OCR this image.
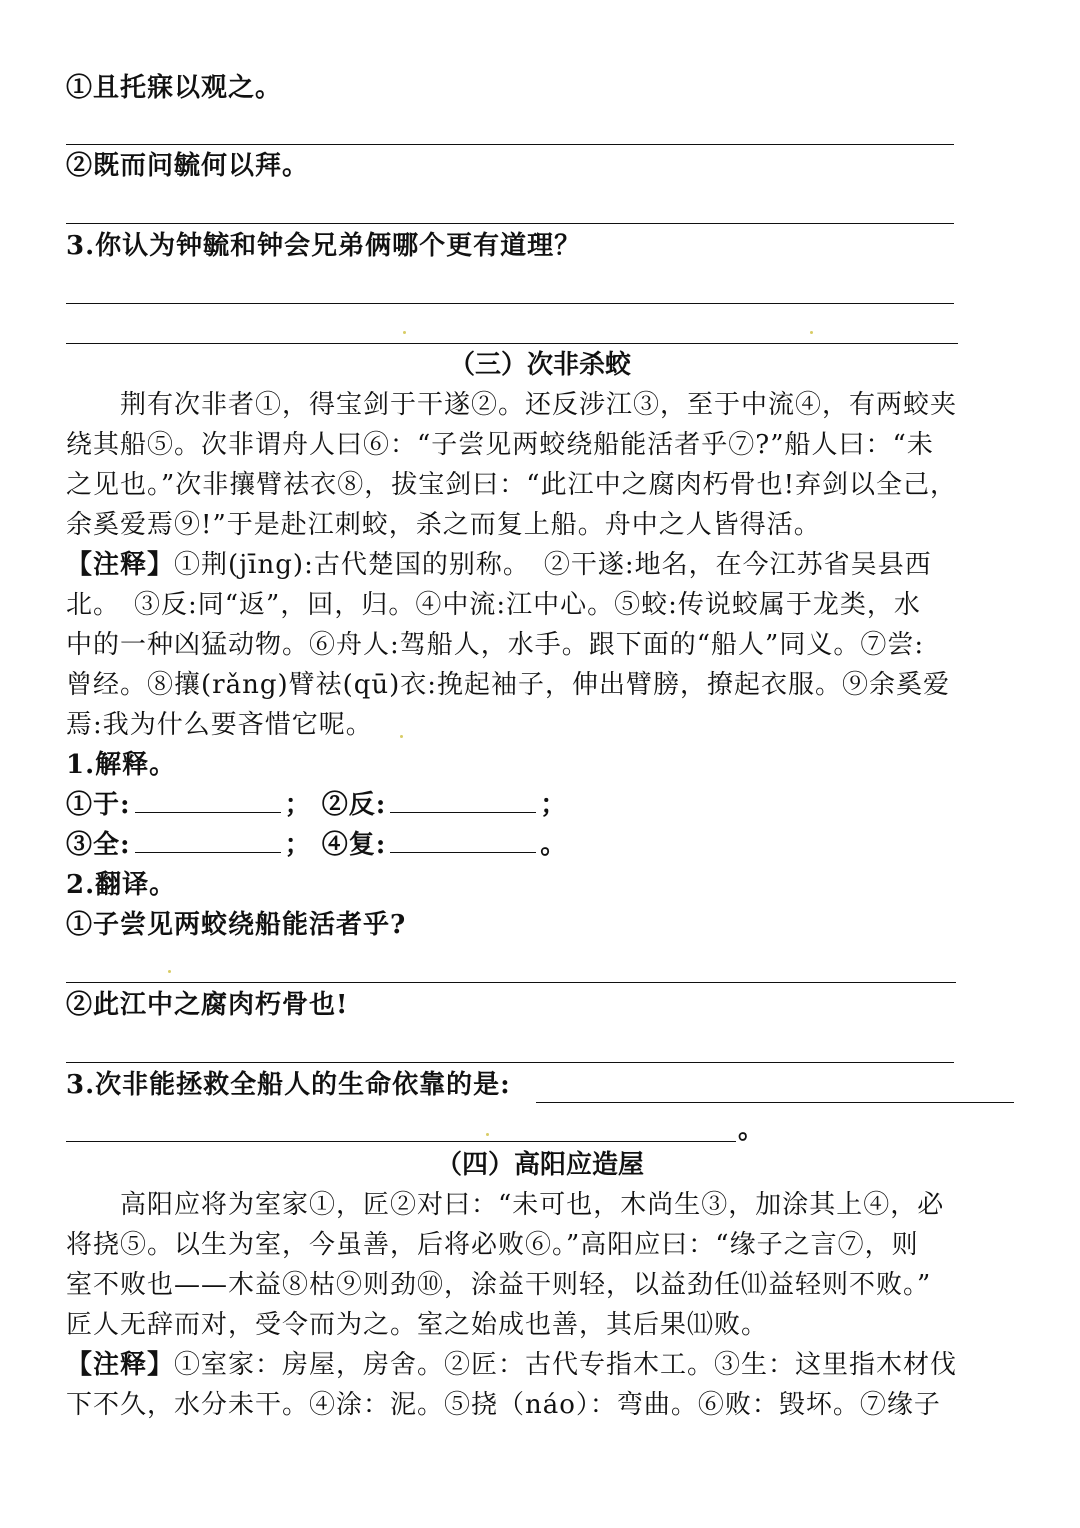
①且托寐以观之。
②既而问毓何以拜。
3.你认为钟毓和钟会兄弟俩哪个更有道理？
（三）次非杀蛟
　　荆有次非者①，得宝剑于干遂②。还反涉江③，至于中流④，有两蛟夹
绕其船⑤。次非谓舟人曰⑥：“子尝见两蛟绕船能活者乎⑦?”船人曰：“未
之见也。”次非攘臂祛衣⑧，拔宝剑曰：“此江中之腐肉朽骨也!弃剑以全己，
余奚爱焉⑨!”于是赴江刺蛟，杀之而复上船。舟中之人皆得活。
【注释】①荆(jīng):古代楚国的别称。　②干遂:地名，在今江苏省吴县西
北。　③反:同“返”，回，归。④中流:江中心。⑤蛟:传说蛟属于龙类，水
中的一种凶猛动物。⑥舟人:驾船人，水手。跟下面的“船人”同义。⑦尝:
曾经。⑧攘(rǎng)臂祛(qū)衣:挽起袖子，伸出臂膀，撩起衣服。⑨余奚爱
焉:我为什么要吝惜它呢。
1.解释。
①于:	； ②反:	；
③全:	； ④复:	。
2.翻译。
①子尝见两蛟绕船能活者乎?
②此江中之腐肉朽骨也!
3.次非能拯救全船人的生命依靠的是:
。
（四）高阳应造屋
　　高阳应将为室家①，匠②对曰：“未可也，木尚生③，加涂其上④，必
将挠⑤。以生为室，今虽善，后将必败⑥。”高阳应曰：“缘子之言⑦，则
室不败也——木益⑧枯⑨则劲⑩，涂益干则轻，以益劲任⑾益轻则不败。”
匠人无辞而对，受令而为之。室之始成也善，其后果⑾败。
【注释】①室家：房屋，房舍。②匠：古代专指木工。③生：这里指木材伐
下不久，水分未干。④涂：泥。⑤挠（náo）：弯曲。⑥败：毁坏。⑦缘子
